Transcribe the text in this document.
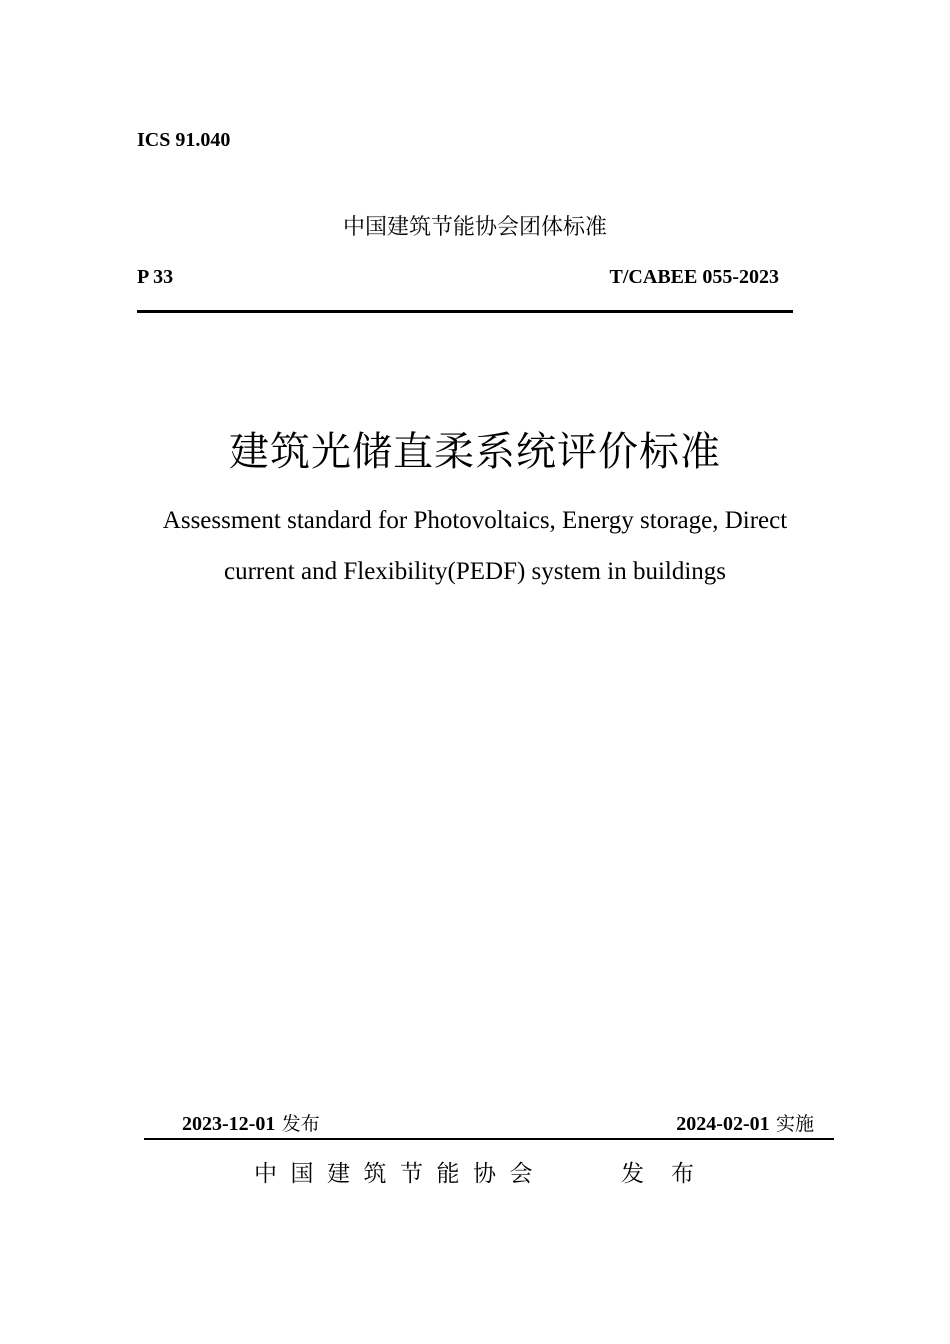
ICS 91.040
中国建筑节能协会团体标准
P 33	T/CABEE 055-2023
建筑光储直柔系统评价标准
Assessment standard for Photovoltaics, Energy storage, Direct
current and Flexibility(PEDF) system in buildings
2023-12-01 发布	2024-02-01 实施
中国建筑节能协会	发布
